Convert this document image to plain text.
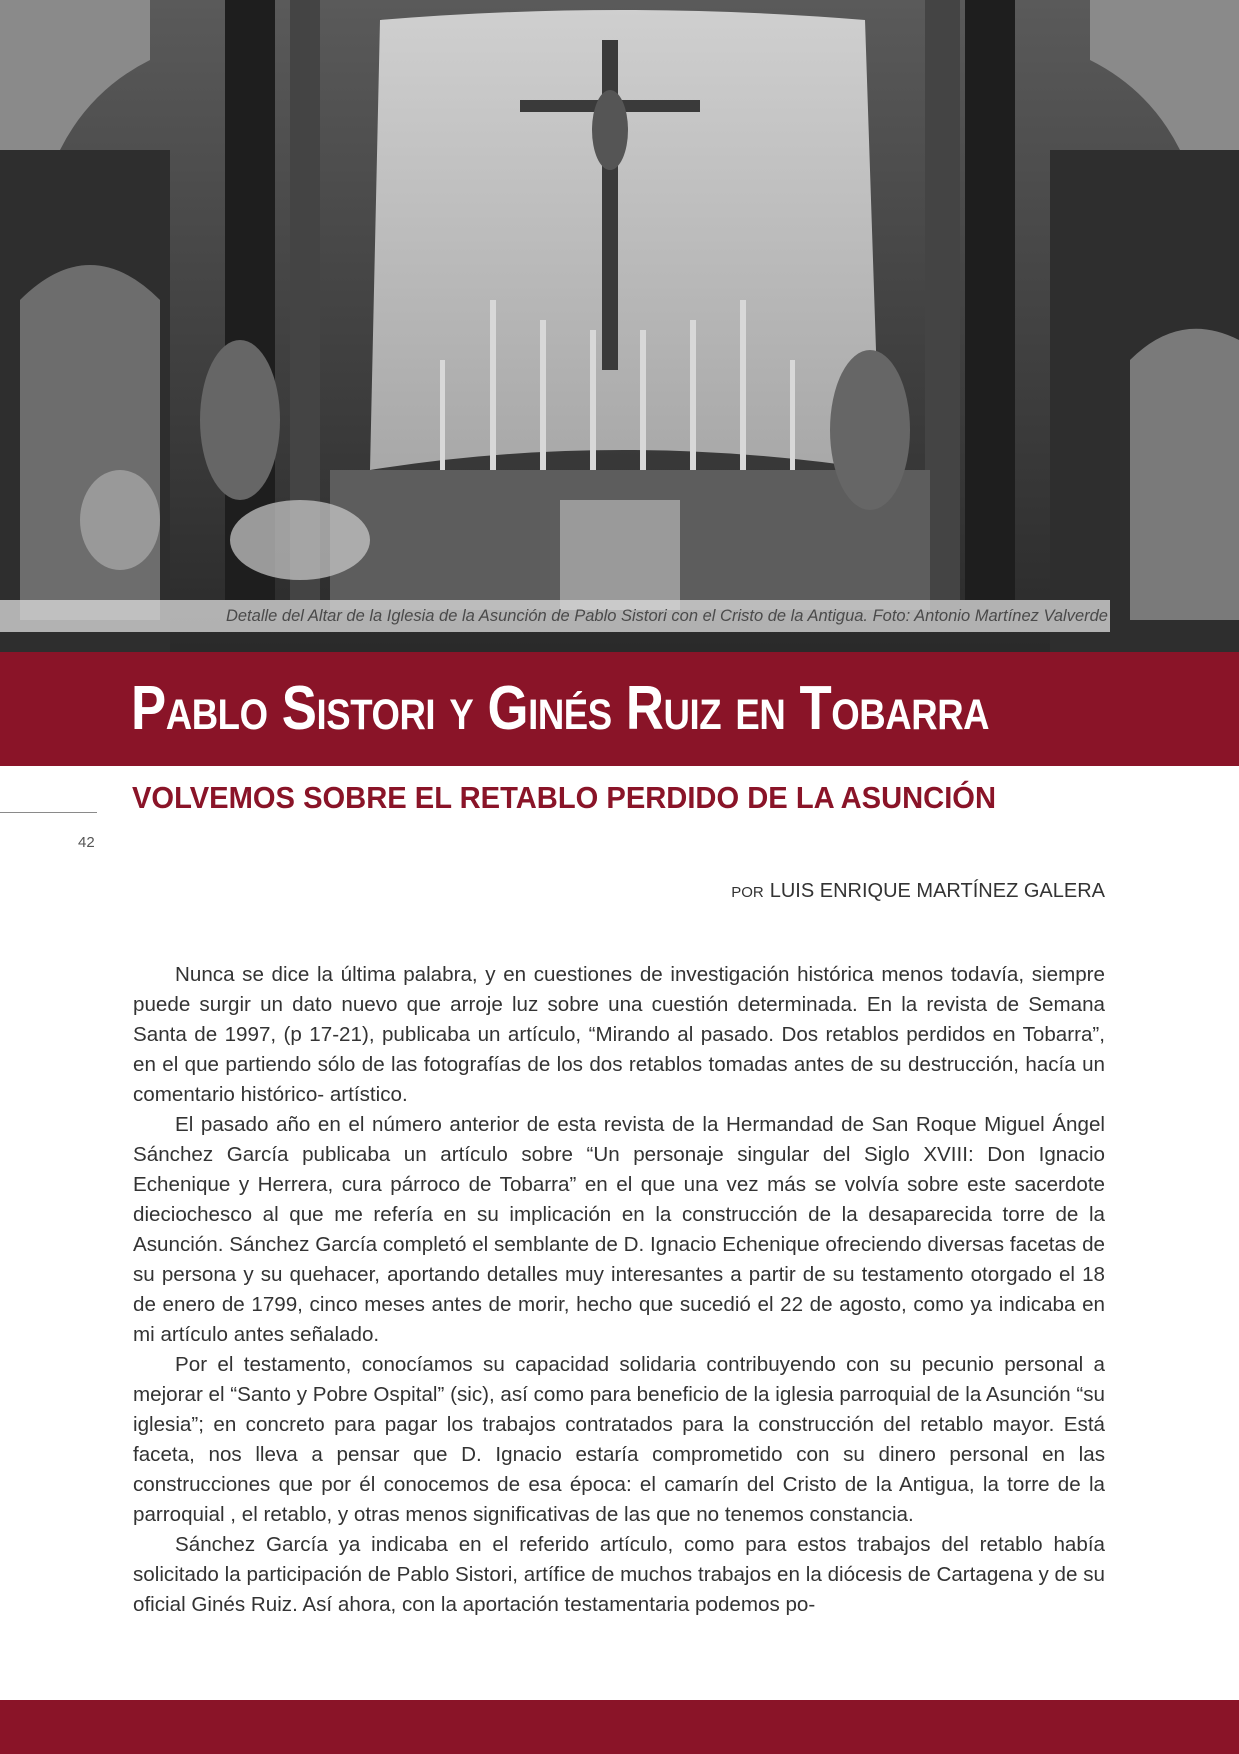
Detalle del Altar de la Iglesia de la Asunción de Pablo Sistori con el Cristo de la Antigua. Foto: Antonio Martínez Valverde
Pablo Sistori y Ginés Ruiz en Tobarra
VOLVEMOS SOBRE EL RETABLO PERDIDO DE LA ASUNCIÓN
42
POR LUIS ENRIQUE MARTÍNEZ GALERA

Nunca se dice la última palabra, y en cuestiones de investigación histórica menos todavía, siempre puede surgir un dato nuevo que arroje luz sobre una cuestión determinada. En la revista de Semana Santa de 1997, (p 17-21), publicaba un artículo, “Mirando al pasado. Dos retablos perdidos en Tobarra”, en el que partiendo sólo de las fotografías de los dos retablos tomadas antes de su destrucción, hacía un comentario histórico- artístico.

El pasado año en el número anterior de esta revista de la Hermandad de San Roque Miguel Ángel Sánchez García publicaba un artículo sobre “Un personaje singular del Siglo XVIII: Don Ignacio Echenique y Herrera, cura párroco de Tobarra” en el que una vez más se volvía sobre este sacerdote dieciochesco al que me refería en su implicación en la construcción de la desaparecida torre de la Asunción. Sánchez García completó el semblante de D. Ignacio Echenique ofreciendo diversas facetas de su persona y su quehacer, aportando detalles muy interesantes a partir de su testamento otorgado el 18 de enero de 1799, cinco meses antes de morir, hecho que sucedió el 22 de agosto, como ya indicaba en mi artículo antes señalado.

Por el testamento, conocíamos su capacidad solidaria contribuyendo con su pecunio personal a mejorar el “Santo y Pobre Ospital” (sic), así como para beneficio de la iglesia parroquial de la Asunción “su iglesia”; en concreto para pagar los trabajos contratados para la construcción del retablo mayor. Está faceta, nos lleva a pensar que D. Ignacio estaría comprometido con su dinero personal en las construcciones que por él conocemos de esa época: el camarín del Cristo de la Antigua, la torre de la parroquial , el retablo, y otras menos significativas de las que no tenemos constancia.

Sánchez García ya indicaba en el referido artículo, como para estos trabajos del retablo había solicitado la participación de Pablo Sistori, artífice de muchos trabajos en la diócesis de Cartagena y de su oficial Ginés Ruiz. Así ahora, con la aportación testamentaria podemos po-
